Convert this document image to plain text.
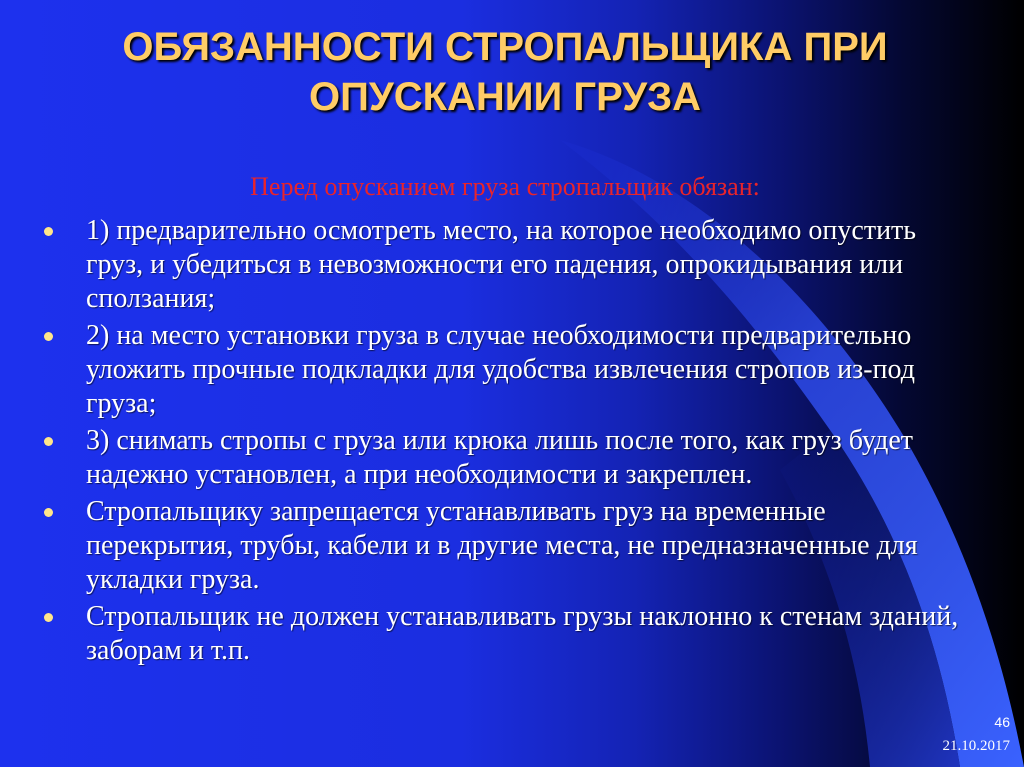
ОБЯЗАННОСТИ СТРОПАЛЬЩИКА ПРИ
ОПУСКАНИИ ГРУЗА
Перед опусканием груза стропальщик обязан:
1) предварительно осмотреть место, на которое необходимо опустить груз, и убедиться в невозможности его падения, опрокидывания или сползания;
2) на место установки груза в случае необходимости предварительно уложить прочные подкладки для удобства извлечения стропов из-под груза;
3) снимать стропы с груза или крюка лишь после того, как груз будет надежно установлен, а при необходимости и закреплен.
Стропальщику запрещается устанавливать груз на временные перекрытия, трубы, кабели и в другие места, не предназначенные для укладки груза.
Стропальщик не должен устанавливать грузы наклонно к стенам зданий, заборам и т.п.
46
21.10.2017
